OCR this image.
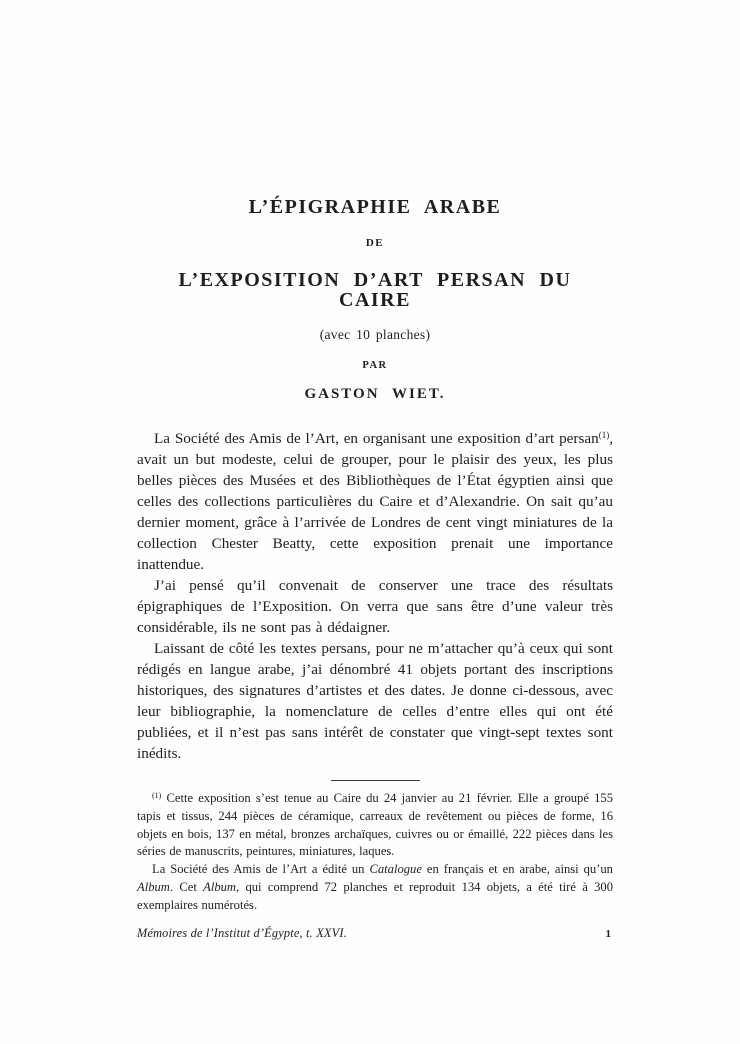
L’ÉPIGRAPHIE ARABE
DE
L’EXPOSITION D’ART PERSAN DU CAIRE
(avec 10 planches)
PAR
GASTON WIET.

La Société des Amis de l’Art, en organisant une exposition d’art persan$^{(1)}$, avait un but modeste, celui de grouper, pour le plaisir des yeux, les plus belles pièces des Musées et des Bibliothèques de l’État égyptien ainsi que celles des collections particulières du Caire et d’Alexandrie. On sait qu’au dernier moment, grâce à l’arrivée de Londres de cent vingt miniatures de la collection Chester Beatty, cette exposition prenait une importance inattendue.

J’ai pensé qu’il convenait de conserver une trace des résultats épigraphiques de l’Exposition. On verra que sans être d’une valeur très considérable, ils ne sont pas à dédaigner.

Laissant de côté les textes persans, pour ne m’attacher qu’à ceux qui sont rédigés en langue arabe, j’ai dénombré 41 objets portant des inscriptions historiques, des signatures d’artistes et des dates. Je donne ci-dessous, avec leur bibliographie, la nomenclature de celles d’entre elles qui ont été publiées, et il n’est pas sans intérêt de constater que vingt-sept textes sont inédits.

$^{(1)}$ Cette exposition s’est tenue au Caire du 24 janvier au 21 février. Elle a groupé 155 tapis et tissus, 244 pièces de céramique, carreaux de revêtement ou pièces de forme, 16 objets en bois, 137 en métal, bronzes archaïques, cuivres ou or émaillé, 222 pièces dans les séries de manuscrits, peintures, miniatures, laques.

La Société des Amis de l’Art a édité un Catalogue en français et en arabe, ainsi qu’un Album. Cet Album, qui comprend 72 planches et reproduit 134 objets, a été tiré à 300 exemplaires numérotés.

Mémoires de l’Institut d’Égypte, t. XXVI.	1
